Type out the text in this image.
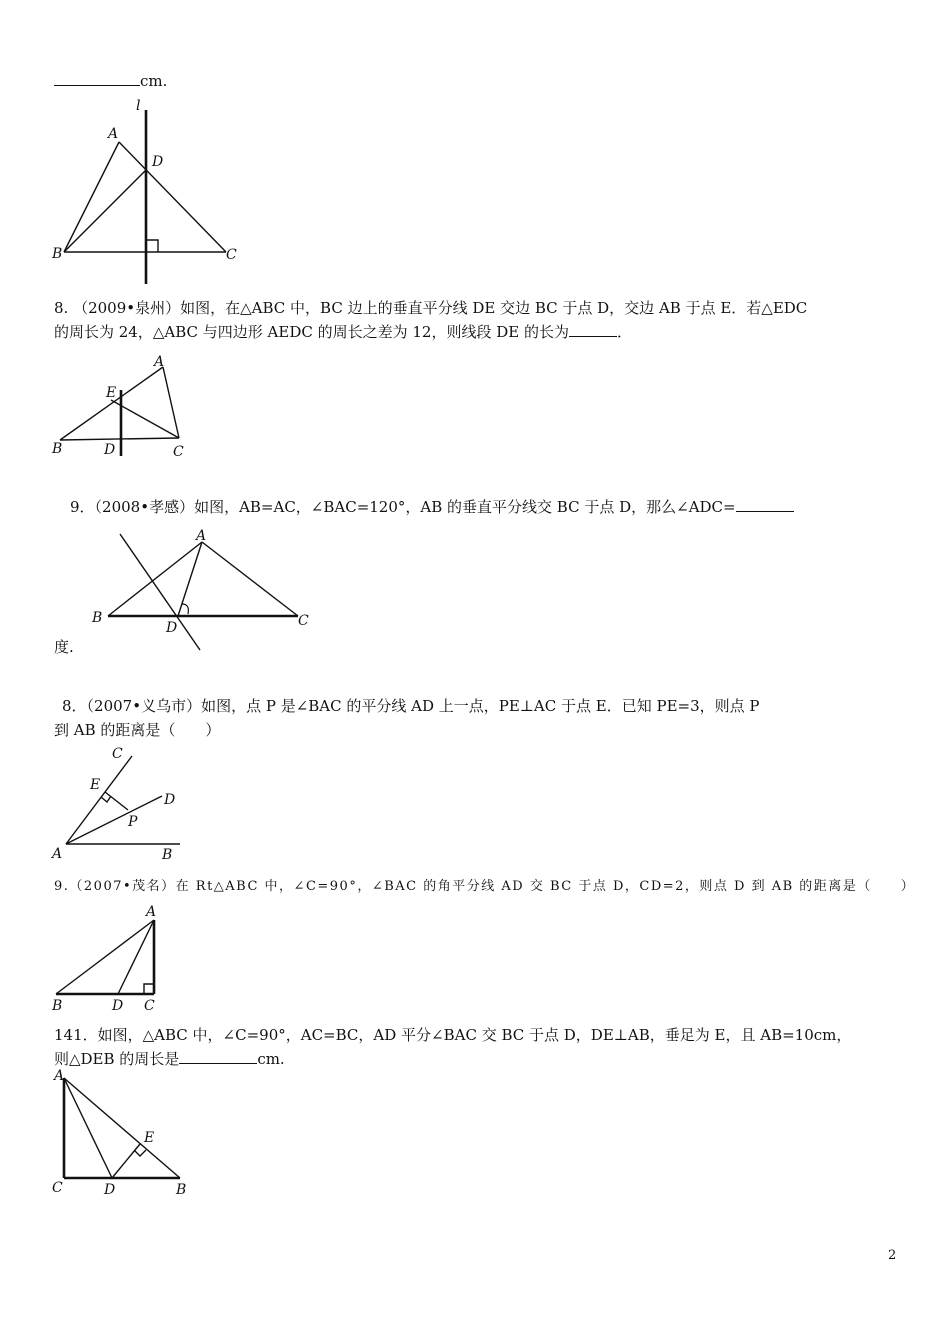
cm.
l
A
D
B	C
8. （2009•泉州）如图，在△ABC 中，BC 边上的垂直平分线 DE 交边 BC 于点 D，交边 AB 于点 E．若△EDC
的周长为 24，△ABC 与四边形 AEDC 的周长之差为 12，则线段 DE 的长为	．
A
E
B	D	C
9．（2008•孝感）如图，AB=AC，∠BAC=120°，AB 的垂直平分线交 BC 于点 D，那么∠ADC=
A
B
D	C
度.
8．（2007•义乌市）如图，点 P 是∠BAC 的平分线 AD 上一点，PE⊥AC 于点 E．已知 PE=3，则点 P
到 AB 的距离是（　　）
C
E
D
P
A	B
9.（2007•茂名）在 Rt△ABC 中，∠C=90°，∠BAC 的角平分线 AD 交 BC 于点 D，CD=2，则点 D 到 AB 的距离是（　　）
A
B	D C
141．如图，△ABC 中，∠C=90°，AC=BC，AD 平分∠BAC 交 BC 于点 D，DE⊥AB，垂足为 E，且 AB=10cm，
则△DEB 的周长是	cm.
A
E
C	D	B
2
